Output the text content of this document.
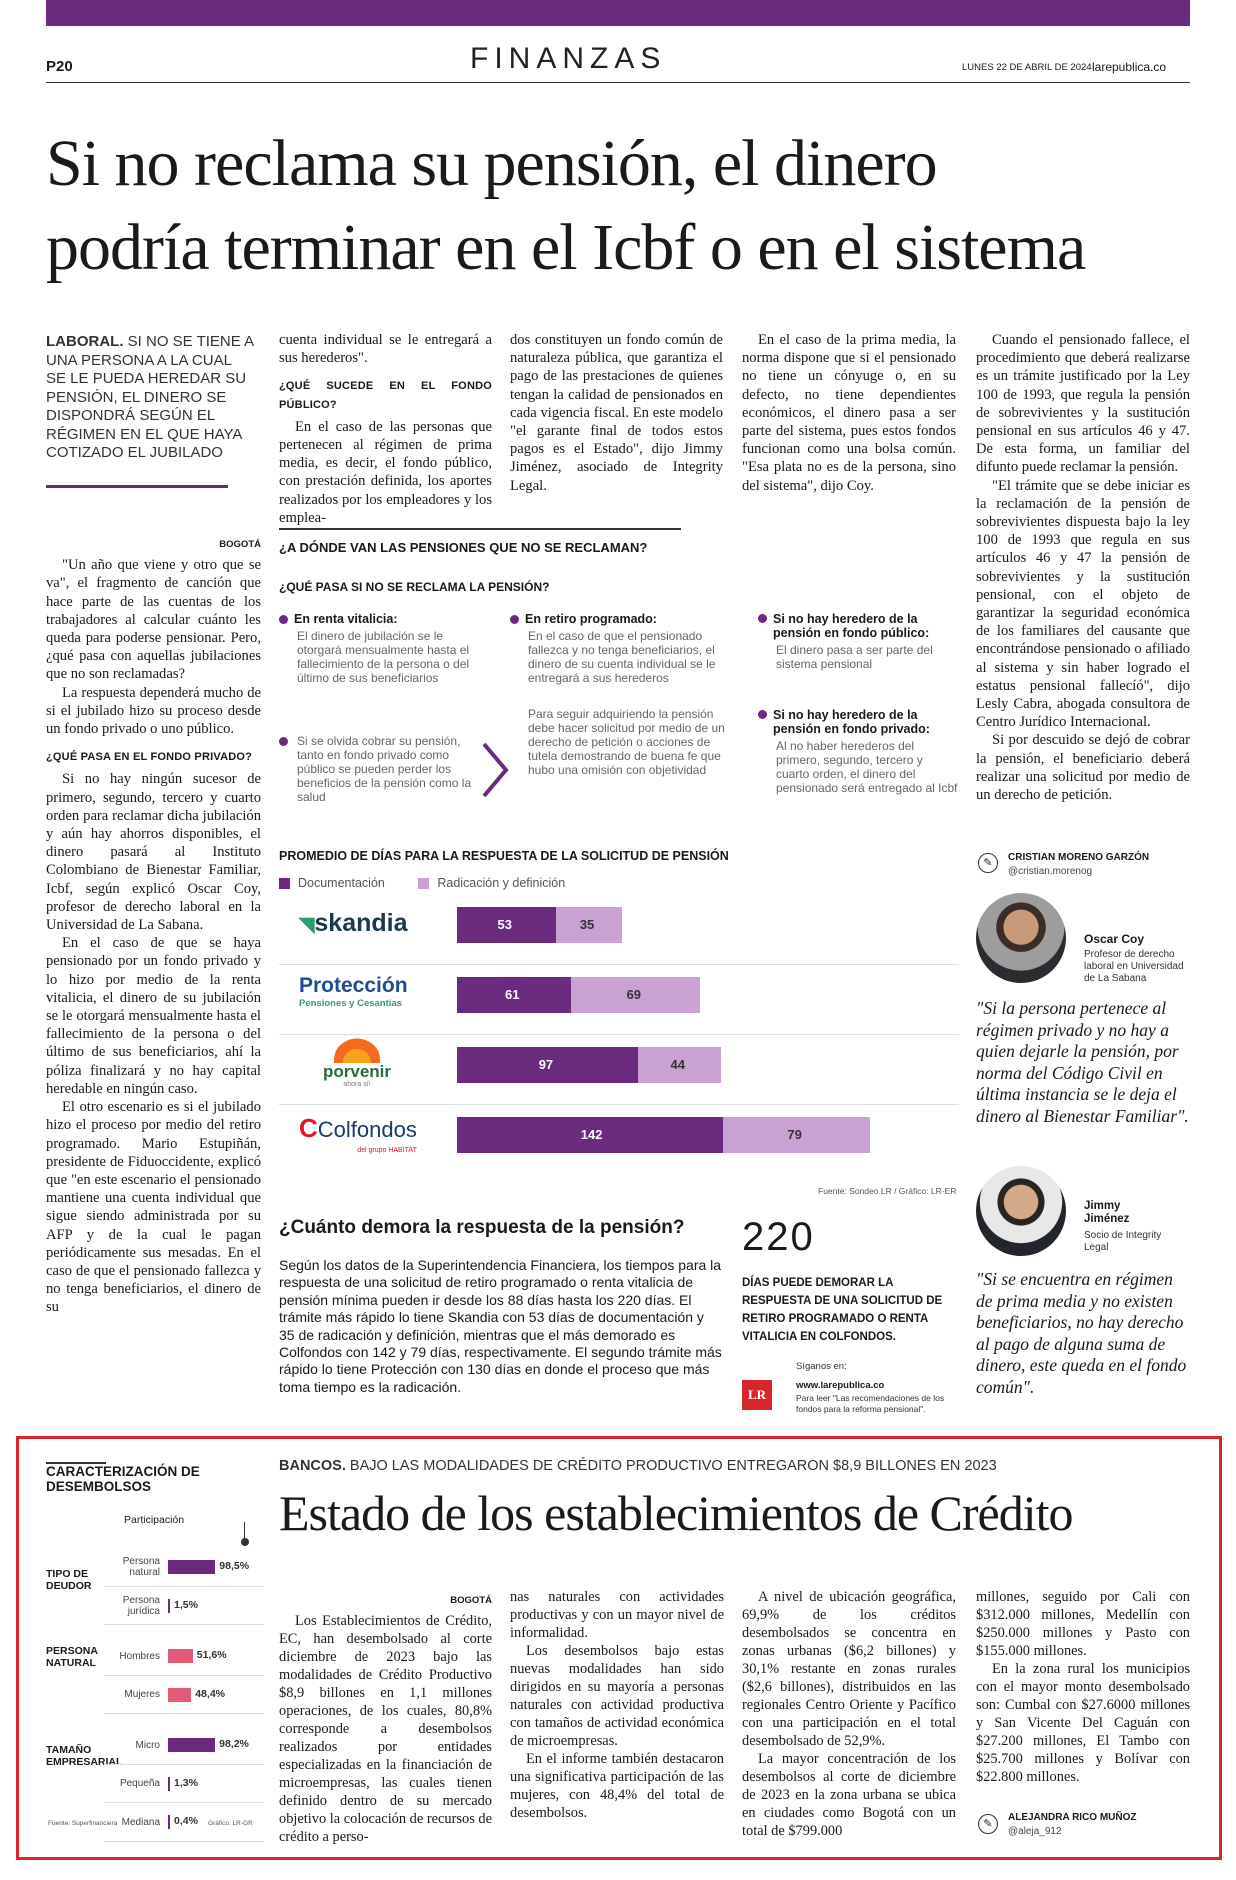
P20	FINANZAS	LUNES 22 DE ABRIL DE 2024 larepublica.co
Si no reclama su pensión, el dinero
podría terminar en el Icbf o en el sistema
LABORAL. SI NO SE TIENE A UNA PERSONA A LA CUAL SE LE PUEDA HEREDAR SU PENSIÓN, EL DINERO SE DISPONDRÁ SEGÚN EL RÉGIMEN EN EL QUE HAYA COTIZADO EL JUBILADO
BOGOTÁ

"Un año que viene y otro que se va", el fragmento de canción que hace parte de las cuentas de los trabajadores al calcular cuánto les queda para poderse pensionar. Pero, ¿qué pasa con aquellas jubilaciones que no son reclamadas?

La respuesta dependerá mucho de si el jubilado hizo su proceso desde un fondo privado o uno público.

¿QUÉ PASA EN EL FONDO PRIVADO?

Si no hay ningún sucesor de primero, segundo, tercero y cuarto orden para reclamar dicha jubilación y aún hay ahorros disponibles, el dinero pasará al Instituto Colombiano de Bienestar Familiar, Icbf, según explicó Oscar Coy, profesor de derecho laboral en la Universidad de La Sabana.

En el caso de que se haya pensionado por un fondo privado y lo hizo por medio de la renta vitalicia, el dinero de su jubilación se le otorgará mensualmente hasta el fallecimiento de la persona o del último de sus beneficiarios, ahí la póliza finalizará y no hay capital heredable en ningún caso.

El otro escenario es si el jubilado hizo el proceso por medio del retiro programado. Mario Estupiñán, presidente de Fiduoccidente, explicó que "en este escenario el pensionado mantiene una cuenta individual que sigue siendo administrada por su AFP y de la cual le pagan periódicamente sus mesadas. En el caso de que el pensionado fallezca y no tenga beneficiarios, el dinero de su

cuenta individual se le entregará a sus herederos".

¿QUÉ SUCEDE EN EL FONDO PÚBLICO?

En el caso de las personas que pertenecen al régimen de prima media, es decir, el fondo público, con prestación definida, los aportes realizados por los empleadores y los emplea-

dos constituyen un fondo común de naturaleza pública, que garantiza el pago de las prestaciones de quienes tengan la calidad de pensionados en cada vigencia fiscal. En este modelo "el garante final de todos estos pagos es el Estado", dijo Jimmy Jiménez, asociado de Integrity Legal.

En el caso de la prima media, la norma dispone que si el pensionado no tiene un cónyuge o, en su defecto, no tiene dependientes económicos, el dinero pasa a ser parte del sistema, pues estos fondos funcionan como una bolsa común. "Esa plata no es de la persona, sino del sistema", dijo Coy.

Cuando el pensionado fallece, el procedimiento que deberá realizarse es un trámite justificado por la Ley 100 de 1993, que regula la pensión de sobrevivientes y la sustitución pensional en sus artículos 46 y 47. De esta forma, un familiar del difunto puede reclamar la pensión.

"El trámite que se debe iniciar es la reclamación de la pensión de sobrevivientes dispuesta bajo la ley 100 de 1993 que regula en sus artículos 46 y 47 la pensión de sobrevivientes y la sustitución pensional, con el objeto de garantizar la seguridad económica de los familiares del causante que encontrándose pensionado o afiliado al sistema y sin haber logrado el estatus pensional fallecíó", dijo Lesly Cabra, abogada consultora de Centro Jurídico Internacional.

Si por descuido se dejó de cobrar la pensión, el beneficiario deberá realizar una solicitud por medio de un derecho de petición.

✎	CRISTIAN MORENO GARZÓN
@cristian.morenog
Oscar Coy
Profesor de derecho laboral en Universidad de La Sabana
"Si la persona pertenece al régimen privado y no hay a quien dejarle la pensión, por norma del Código Civil en última instancia se le deja el dinero al Bienestar Familiar".
Jimmy Jiménez
Socio de Integrity Legal
"Si se encuentra en régimen de prima media y no existen beneficiarios, no hay derecho al pago de alguna suma de dinero, este queda en el fondo común".
¿A DÓNDE VAN LAS PENSIONES QUE NO SE RECLAMAN?
¿QUÉ PASA SI NO SE RECLAMA LA PENSIÓN?
En renta vitalicia:
El dinero de jubilación se le otorgará mensualmente hasta el fallecimiento de la persona o del último de sus beneficiarios
Si se olvida cobrar su pensión, tanto en fondo privado como público se pueden perder los beneficios de la pensión como la salud
En retiro programado:
En el caso de que el pensionado fallezca y no tenga beneficiarios, el dinero de su cuenta individual se le entregará a sus herederos
Para seguir adquiriendo la pensión debe hacer solicitud por medio de un derecho de petición o acciones de tutela demostrando de buena fe que hubo una omisión con objetividad
Si no hay heredero de la pensión en fondo público:
El dinero pasa a ser parte del sistema pensional
Si no hay heredero de la pensión en fondo privado:
Al no haber herederos del primero, segundo, tercero y cuarto orden, el dinero del pensionado será entregado al Icbf
PROMEDIO DE DÍAS PARA LA RESPUESTA DE LA SOLICITUD DE PENSIÓN
Documentación	Radicación y definición
◥skandia	53	35
Protección
Pensiones y Cesantías
61	69
porvenir
ahora sí!
97	44
CColfondos
del grupo HABITAT
142	79
Fuente: Sondeo LR / Gráfico: LR-ER
¿Cuánto demora la respuesta de la pensión?
Según los datos de la Superintendencia Financiera, los tiempos para la respuesta de una solicitud de retiro programado o renta vitalicia de pensión mínima pueden ir desde los 88 días hasta los 220 días. El trámite más rápido lo tiene Skandia con 53 días de documentación y 35 de radicación y definición, mientras que el más demorado es Colfondos con 142 y 79 días, respectivamente. El segundo trámite más rápido lo tiene Protección con 130 días en donde el proceso que más toma tiempo es la radicación.
220
DÍAS PUEDE DEMORAR LA RESPUESTA DE UNA SOLICITUD DE RETIRO PROGRAMADO O RENTA VITALICIA EN COLFONDOS.
LR
Síganos en:
www.larepublica.co
Para leer "Las recomendaciones de los fondos para la reforma pensional".
CARACTERIZACIÓN DE DESEMBOLSOS
Participación
TIPO DE DEUDOR
PERSONA NATURAL
TAMAÑO EMPRESARIAL
Persona natural
98,5%
Persona jurídica
1,5%
Hombres	51,6%
Mujeres	48,4%
Micro	98,2%
Pequeña 1,3%
Mediana 0,4%
Fuente: Superfinanciera	Gráfico: LR-GR
BANCOS. BAJO LAS MODALIDADES DE CRÉDITO PRODUCTIVO ENTREGARON $8,9 BILLONES EN 2023
Estado de los establecimientos de Crédito
BOGOTÁ

Los Establecimientos de Crédito, EC, han desembolsado al corte diciembre de 2023 bajo las modalidades de Crédito Productivo $8,9 billones en 1,1 millones operaciones, de los cuales, 80,8% corresponde a desembolsos realizados por entidades especializadas en la financiación de microempresas, las cuales tienen definido dentro de su mercado objetivo la colocación de recursos de crédito a perso-

nas naturales con actividades productivas y con un mayor nivel de informalidad.

Los desembolsos bajo estas nuevas modalidades han sido dirigidos en su mayoría a personas naturales con actividad productiva con tamaños de actividad económica de microempresas.

En el informe también destacaron una significativa participación de las mujeres, con 48,4% del total de desembolsos.

A nivel de ubicación geográfica, 69,9% de los créditos desembolsados se concentra en zonas urbanas ($6,2 billones) y 30,1% restante en zonas rurales ($2,6 billones), distribuidos en las regionales Centro Oriente y Pacífico con una participación en el total desembolsado de 52,9%.

La mayor concentración de los desembolsos al corte de diciembre de 2023 en la zona urbana se ubica en ciudades como Bogotá con un total de $799.000

millones, seguido por Cali con $312.000 millones, Medellín con $250.000 millones y Pasto con $155.000 millones.

En la zona rural los municipios con el mayor monto desembolsado son: Cumbal con $27.6000 millones y San Vicente Del Caguán con $27.200 millones, El Tambo con $25.700 millones y Bolívar con $22.800 millones.

✎	ALEJANDRA RICO MUÑOZ
@aleja_912
